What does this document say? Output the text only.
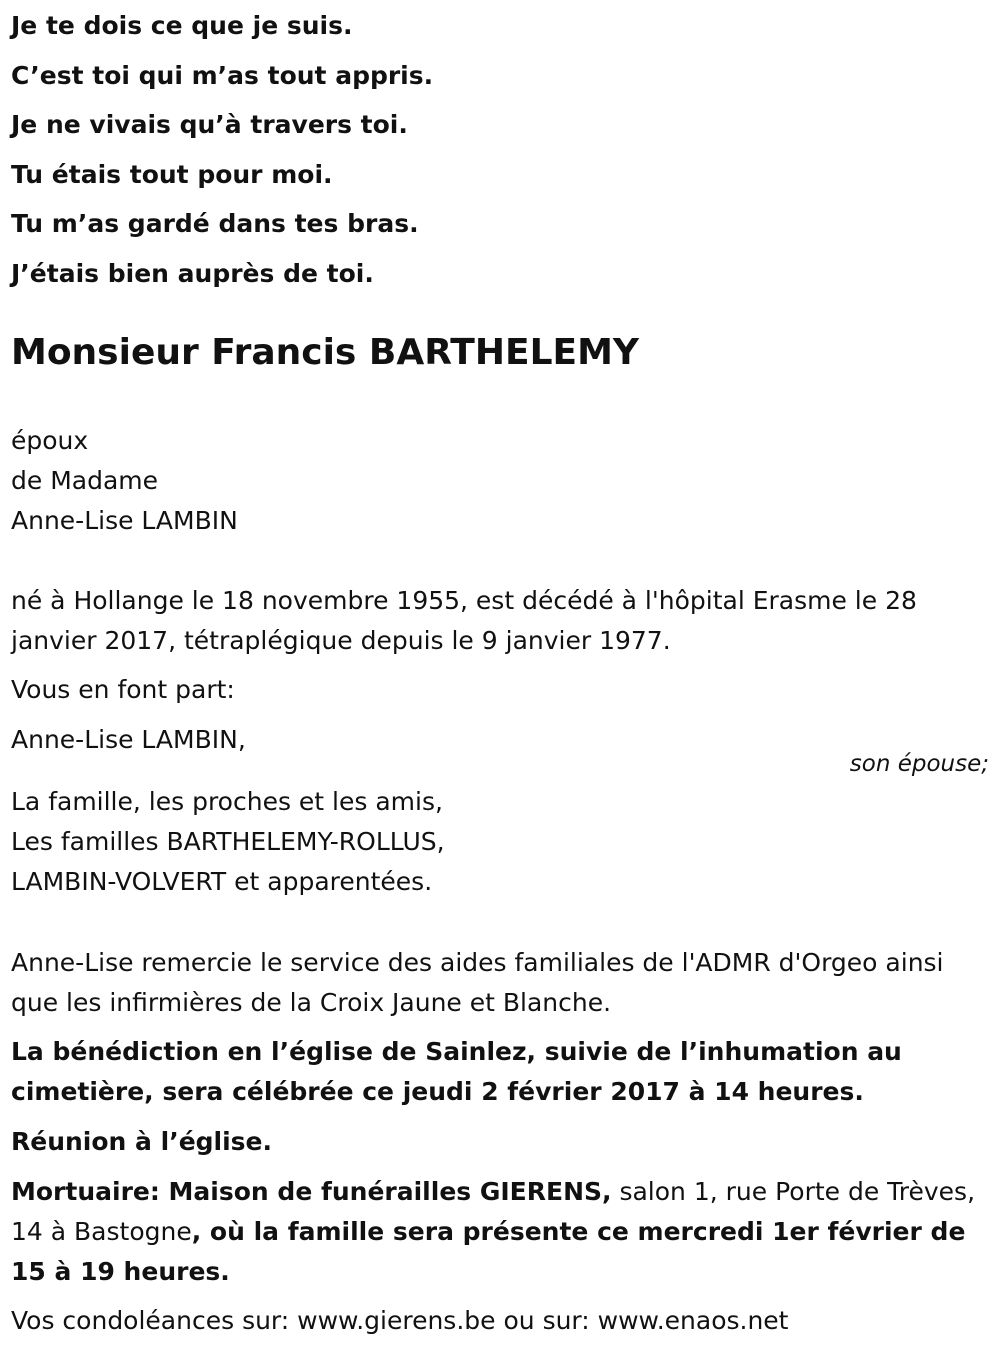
Je te dois ce que je suis.
C’est toi qui m’as tout appris.
Je ne vivais qu’à travers toi.
Tu étais tout pour moi.
Tu m’as gardé dans tes bras.
J’étais bien auprès de toi.
Monsieur Francis BARTHELEMY
époux
de Madame
Anne-Lise LAMBIN

né à Hollange le 18 novembre 1955, est décédé à l'hôpital Erasme le 28 janvier 2017, tétraplégique depuis le 9 janvier 1977.

Vous en font part:
Anne-Lise LAMBIN,
son épouse;
La famille, les proches et les amis,
Les familles BARTHELEMY-ROLLUS,
LAMBIN-VOLVERT et apparentées.

Anne-Lise remercie le service des aides familiales de l'ADMR d'Orgeo ainsi que les infirmières de la Croix Jaune et Blanche.

La bénédiction en l’église de Sainlez, suivie de l’inhumation au cimetière, sera célébrée ce jeudi 2 février 2017 à 14 heures.

Réunion à l’église.

Mortuaire: Maison de funérailles GIERENS, salon 1, rue Porte de Trèves, 14 à Bastogne, où la famille sera présente ce mercredi 1er février de 15 à 19 heures.

Vos condoléances sur: www.gierens.be ou sur: www.enaos.net
